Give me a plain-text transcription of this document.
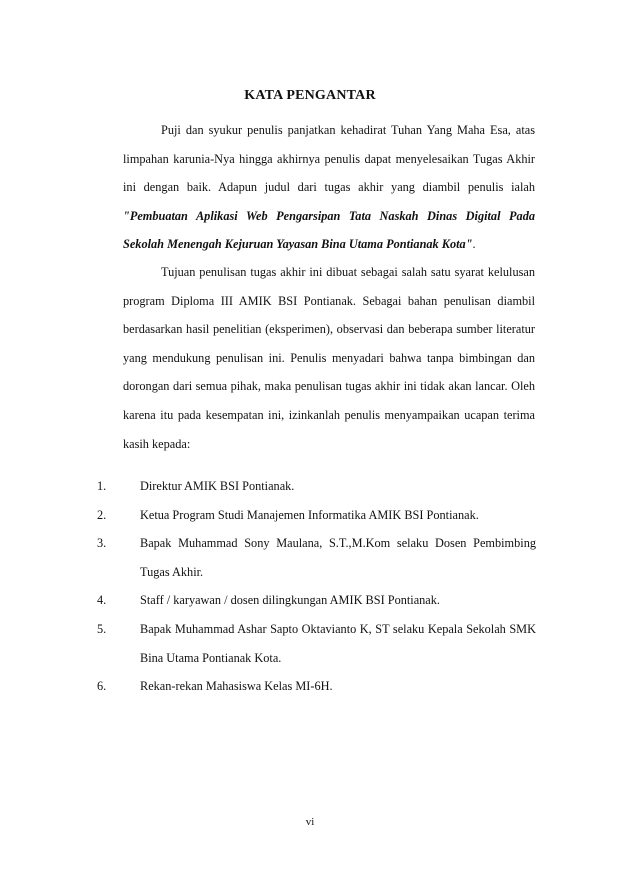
KATA PENGANTAR

Puji dan syukur penulis panjatkan kehadirat Tuhan Yang Maha Esa, atas limpahan karunia-Nya hingga akhirnya penulis dapat menyelesaikan Tugas Akhir ini dengan baik. Adapun judul dari tugas akhir yang diambil penulis ialah "Pembuatan Aplikasi Web Pengarsipan Tata Naskah Dinas Digital Pada Sekolah Menengah Kejuruan Yayasan Bina Utama Pontianak Kota".

Tujuan penulisan tugas akhir ini dibuat sebagai salah satu syarat kelulusan program Diploma III AMIK BSI Pontianak. Sebagai bahan penulisan diambil berdasarkan hasil penelitian (eksperimen), observasi dan beberapa sumber literatur yang mendukung penulisan ini. Penulis menyadari bahwa tanpa bimbingan dan dorongan dari semua pihak, maka penulisan tugas akhir ini tidak akan lancar. Oleh karena itu pada kesempatan ini, izinkanlah penulis menyampaikan ucapan terima kasih kepada:

1.	Direktur AMIK BSI Pontianak.
2.	Ketua Program Studi Manajemen Informatika AMIK BSI Pontianak.
3.	Bapak Muhammad Sony Maulana, S.T.,M.Kom selaku Dosen Pembimbing Tugas Akhir.
4.	Staff / karyawan / dosen dilingkungan AMIK BSI Pontianak.
5.	Bapak Muhammad Ashar Sapto Oktavianto K, ST selaku Kepala Sekolah SMK Bina Utama Pontianak Kota.
6.	Rekan-rekan Mahasiswa Kelas MI-6H.
vi
